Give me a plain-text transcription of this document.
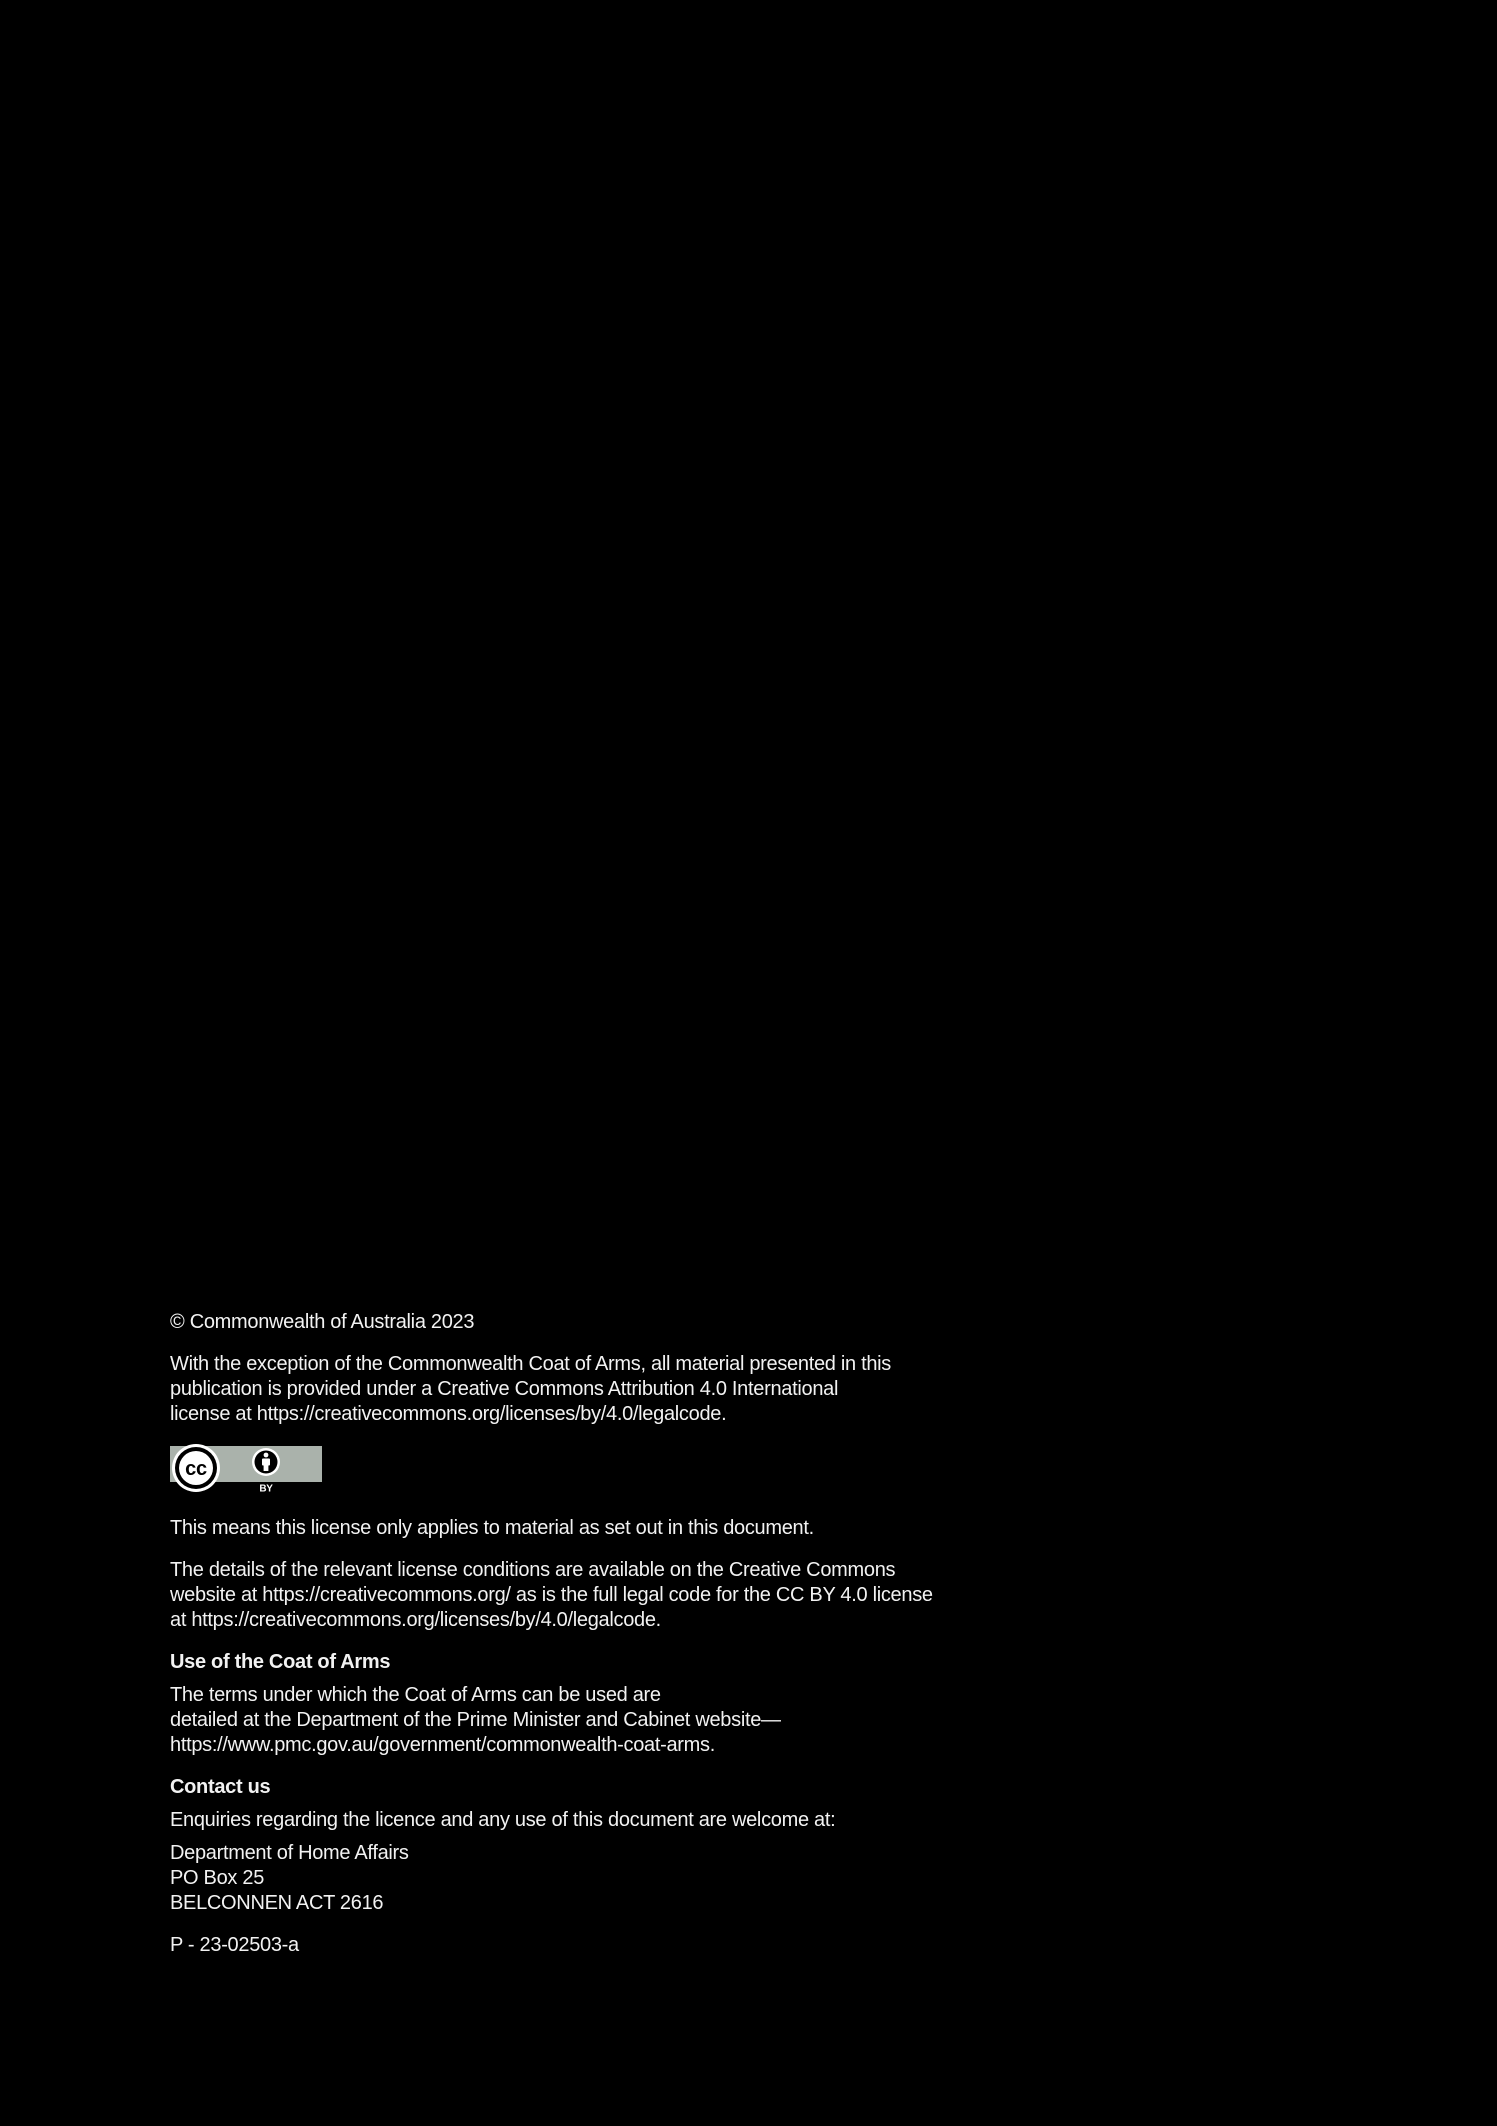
© Commonwealth of Australia 2023

With the exception of the Commonwealth Coat of Arms, all material presented in this
publication is provided under a Creative Commons Attribution 4.0 International
license at https://creativecommons.org/licenses/by/4.0/legalcode.

cc
BY

This means this license only applies to material as set out in this document.

The details of the relevant license conditions are available on the Creative Commons
website at https://creativecommons.org/ as is the full legal code for the CC BY 4.0 license
at https://creativecommons.org/licenses/by/4.0/legalcode.

Use of the Coat of Arms

The terms under which the Coat of Arms can be used are
detailed at the Department of the Prime Minister and Cabinet website—
https://www.pmc.gov.au/government/commonwealth-coat-arms.

Contact us

Enquiries regarding the licence and any use of this document are welcome at:

Department of Home Affairs
PO Box 25
BELCONNEN ACT 2616

P - 23-02503-a
